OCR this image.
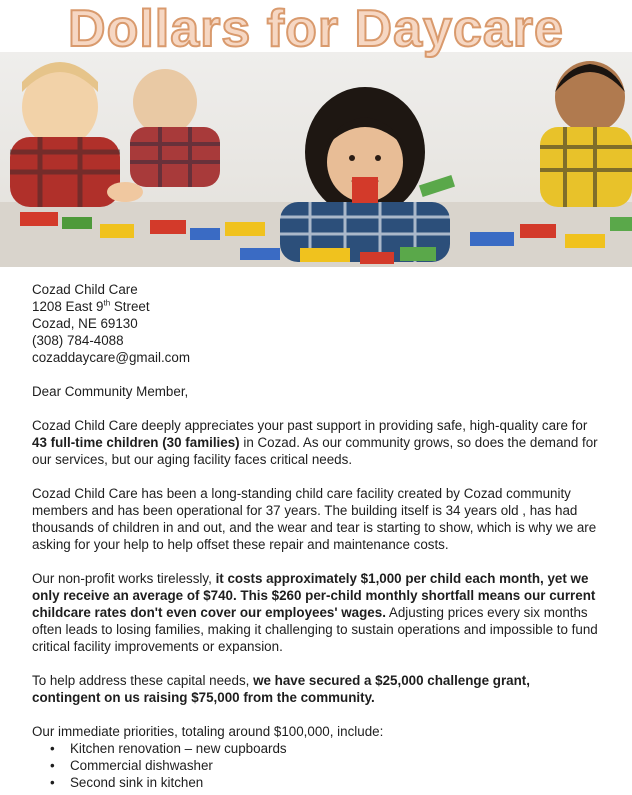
Dollars for Daycare
Cozad Child Care
1208 East 9th Street
Cozad, NE 69130
(308) 784-4088
cozaddaycare@gmail.com

Dear Community Member,

Cozad Child Care deeply appreciates your past support in providing safe, high-quality care for 43 full-time children (30 families) in Cozad. As our community grows, so does the demand for our services, but our aging facility faces critical needs.

Cozad Child Care has been a long-standing child care facility created by Cozad community members and has been operational for 37 years. The building itself is 34 years old , has had thousands of children in and out, and the wear and tear is starting to show, which is why we are asking for your help to help offset these repair and maintenance costs.

Our non-profit works tirelessly, it costs approximately $1,000 per child each month, yet we only receive an average of $740. This $260 per-child monthly shortfall means our current childcare rates don't even cover our employees' wages. Adjusting prices every six months often leads to losing families, making it challenging to sustain operations and impossible to fund critical facility improvements or expansion.

To help address these capital needs, we have secured a $25,000 challenge grant, contingent on us raising $75,000 from the community.

Our immediate priorities, totaling around $100,000, include:
• Kitchen renovation – new cupboards
• Commercial dishwasher
• Second sink in kitchen
